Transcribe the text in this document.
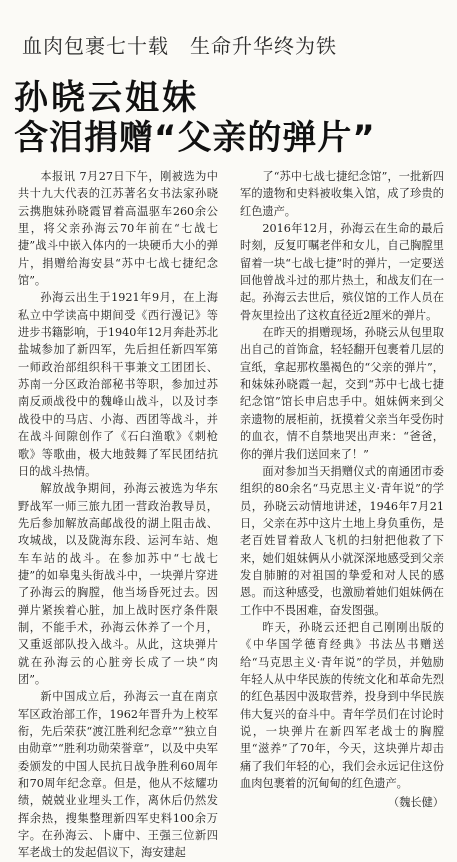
血肉包裹七十载　生命升华终为铁
孙晓云姐妹
含泪捐赠“父亲的弹片”

本报讯 7月27日下午，刚被选为中共十九大代表的江苏著名女书法家孙晓云携胞妹孙晓霞冒着高温驱车260余公里，将父亲孙海云70年前在“七战七捷”战斗中嵌入体内的一块硬币大小的弹片，捐赠给海安县“苏中七战七捷纪念馆”。

孙海云出生于1921年9月，在上海私立中学读高中期间受《西行漫记》等进步书籍影响，于1940年12月奔赴苏北盐城参加了新四军，先后担任新四军第一师政治部组织科干事兼文工团团长、苏南一分区政治部秘书等职，参加过苏南反顽战役中的魏峰山战斗，以及讨李战役中的马店、小海、西团等战斗，并在战斗间隙创作了《石臼渔歌》《刺枪歌》等歌曲，极大地鼓舞了军民团结抗日的战斗热情。

解放战争期间，孙海云被选为华东野战军一师三旅九团一营政治教导员，先后参加解放高邮战役的湖上阻击战、攻城战，以及陇海东段、运河车站、炮车车站的战斗。在参加苏中“七战七捷”的如皋鬼头街战斗中，一块弹片穿进了孙海云的胸膛，他当场昏死过去。因弹片紧挨着心脏，加上战时医疗条件限制，不能手术，孙海云休养了一个月，又重返部队投入战斗。从此，这块弹片就在孙海云的心脏旁长成了一块“肉团”。

新中国成立后，孙海云一直在南京军区政治部工作，1962年晋升为上校军衔，先后荣获“渡江胜利纪念章”“独立自由勋章”“胜利功勋荣誉章”，以及中央军委颁发的中国人民抗日战争胜利60周年和70周年纪念章。但是，他从不炫耀功绩，兢兢业业埋头工作，离休后仍然发挥余热，搜集整理新四军史料100余万字。在孙海云、卜庸中、王强三位新四军老战士的发起倡议下，海安建起

了“苏中七战七捷纪念馆”，一批新四军的遗物和史料被收集入馆，成了珍贵的红色遗产。

2016年12月，孙海云在生命的最后时刻，反复叮嘱老伴和女儿，自己胸膛里留着一块“七战七捷”时的弹片，一定要送回他曾战斗过的那片热土，和战友们在一起。孙海云去世后，殡仪馆的工作人员在骨灰里捡出了这枚直径近2厘米的弹片。

在昨天的捐赠现场，孙晓云从包里取出自己的首饰盒，轻轻翻开包裹着几层的宣纸，拿起那枚墨褐色的“父亲的弹片”，和妹妹孙晓霞一起，交到“苏中七战七捷纪念馆”馆长申启忠手中。姐妹俩来到父亲遗物的展柜前，抚摸着父亲当年受伤时的血衣，情不自禁地哭出声来：“爸爸，你的弹片我们送回来了！”

面对参加当天捐赠仪式的南通团市委组织的80余名“马克思主义·青年说”的学员，孙晓云动情地讲述，1946年7月21日，父亲在苏中这片土地上身负重伤，是老百姓冒着敌人飞机的扫射把他救了下来，她们姐妹俩从小就深深地感受到父亲发自肺腑的对祖国的挚爱和对人民的感恩。而这种感受，也激励着她们姐妹俩在工作中不畏困难，奋发图强。

昨天，孙晓云还把自己刚刚出版的《中华国学德育经典》书法丛书赠送给“马克思主义·青年说”的学员，并勉励年轻人从中华民族的传统文化和革命先烈的红色基因中汲取营养，投身到中华民族伟大复兴的奋斗中。青年学员们在讨论时说，一块弹片在新四军老战士的胸膛里“滋养”了70年，今天，这块弹片却击痛了我们年轻的心，我们会永远记住这份血肉包裹着的沉甸甸的红色遗产。

（魏长健）
